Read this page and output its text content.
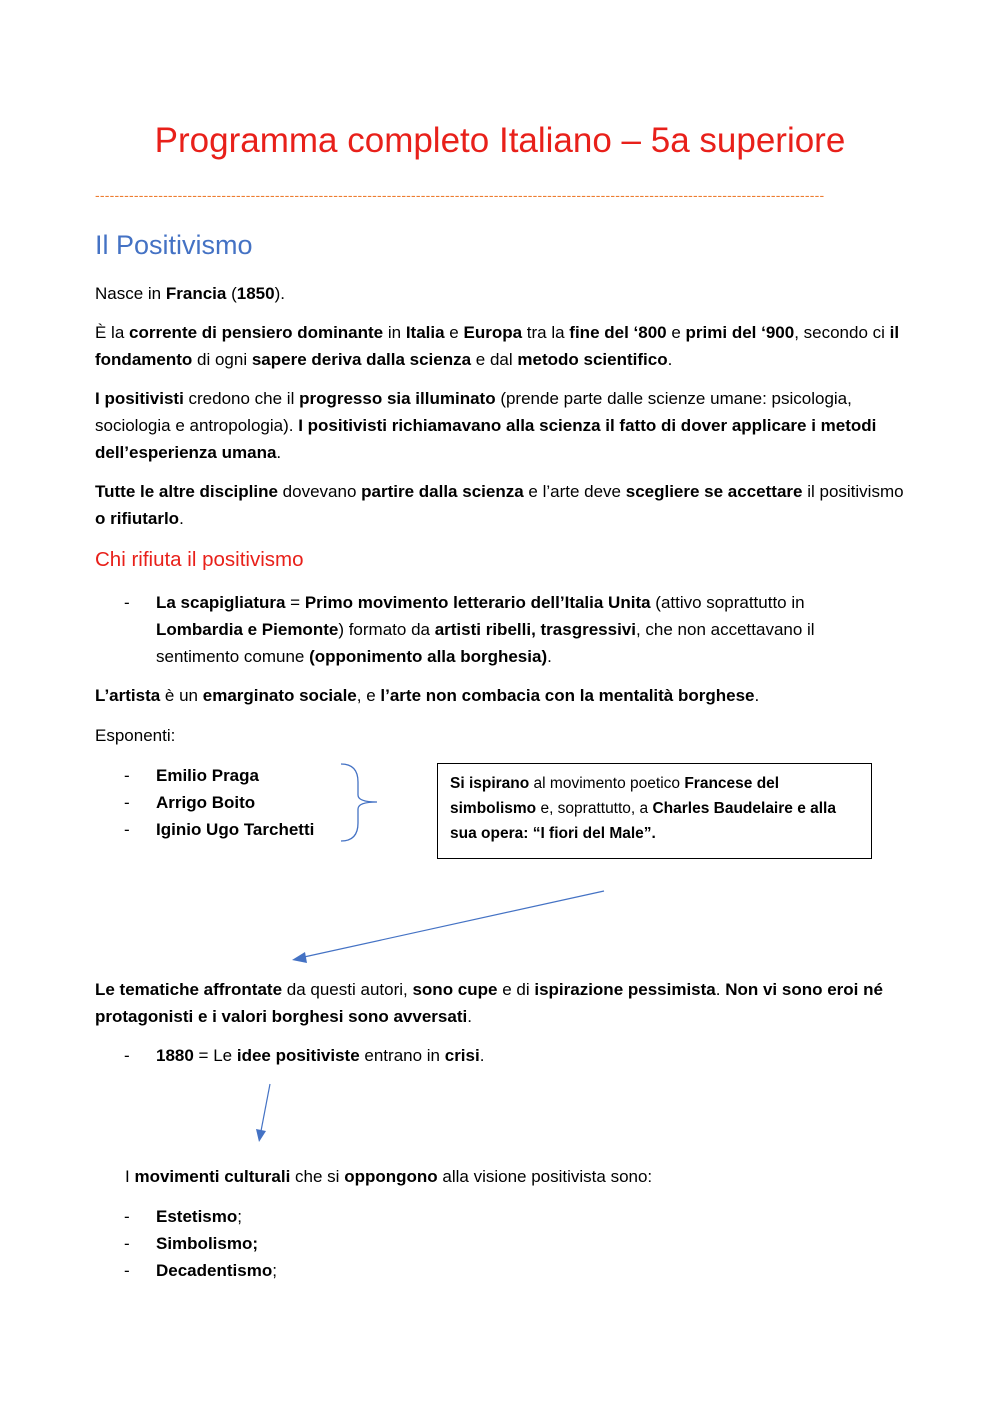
Programma completo Italiano – 5a superiore
------------------------------------------------------------------------------------------------------------------------------------------------------
Il Positivismo
Nasce in Francia (1850).
È la corrente di pensiero dominante in Italia e Europa tra la fine del ‘800 e primi del ‘900, secondo ci il fondamento di ogni sapere deriva dalla scienza e dal metodo scientifico.
I positivisti credono che il progresso sia illuminato (prende parte dalle scienze umane: psicologia, sociologia e antropologia). I positivisti richiamavano alla scienza il fatto di dover applicare i metodi dell’esperienza umana.
Tutte le altre discipline dovevano partire dalla scienza e l’arte deve scegliere se accettare il positivismo o rifiutarlo.
Chi rifiuta il positivismo
- La scapigliatura = Primo movimento letterario dell’Italia Unita (attivo soprattutto in Lombardia e Piemonte) formato da artisti ribelli, trasgressivi, che non accettavano il sentimento comune (opponimento alla borghesia).
L’artista è un emarginato sociale, e l’arte non combacia con la mentalità borghese.
Esponenti:
- Emilio Praga
- Arrigo Boito
- Iginio Ugo Tarchetti
Si ispirano al movimento poetico Francese del simbolismo e, soprattutto, a Charles Baudelaire e alla sua opera: “I fiori del Male”.
Le tematiche affrontate da questi autori, sono cupe e di ispirazione pessimista. Non vi sono eroi né protagonisti e i valori borghesi sono avversati.
- 1880 = Le idee positiviste entrano in crisi.
I movimenti culturali che si oppongono alla visione positivista sono:
- Estetismo;
- Simbolismo;
- Decadentismo;
